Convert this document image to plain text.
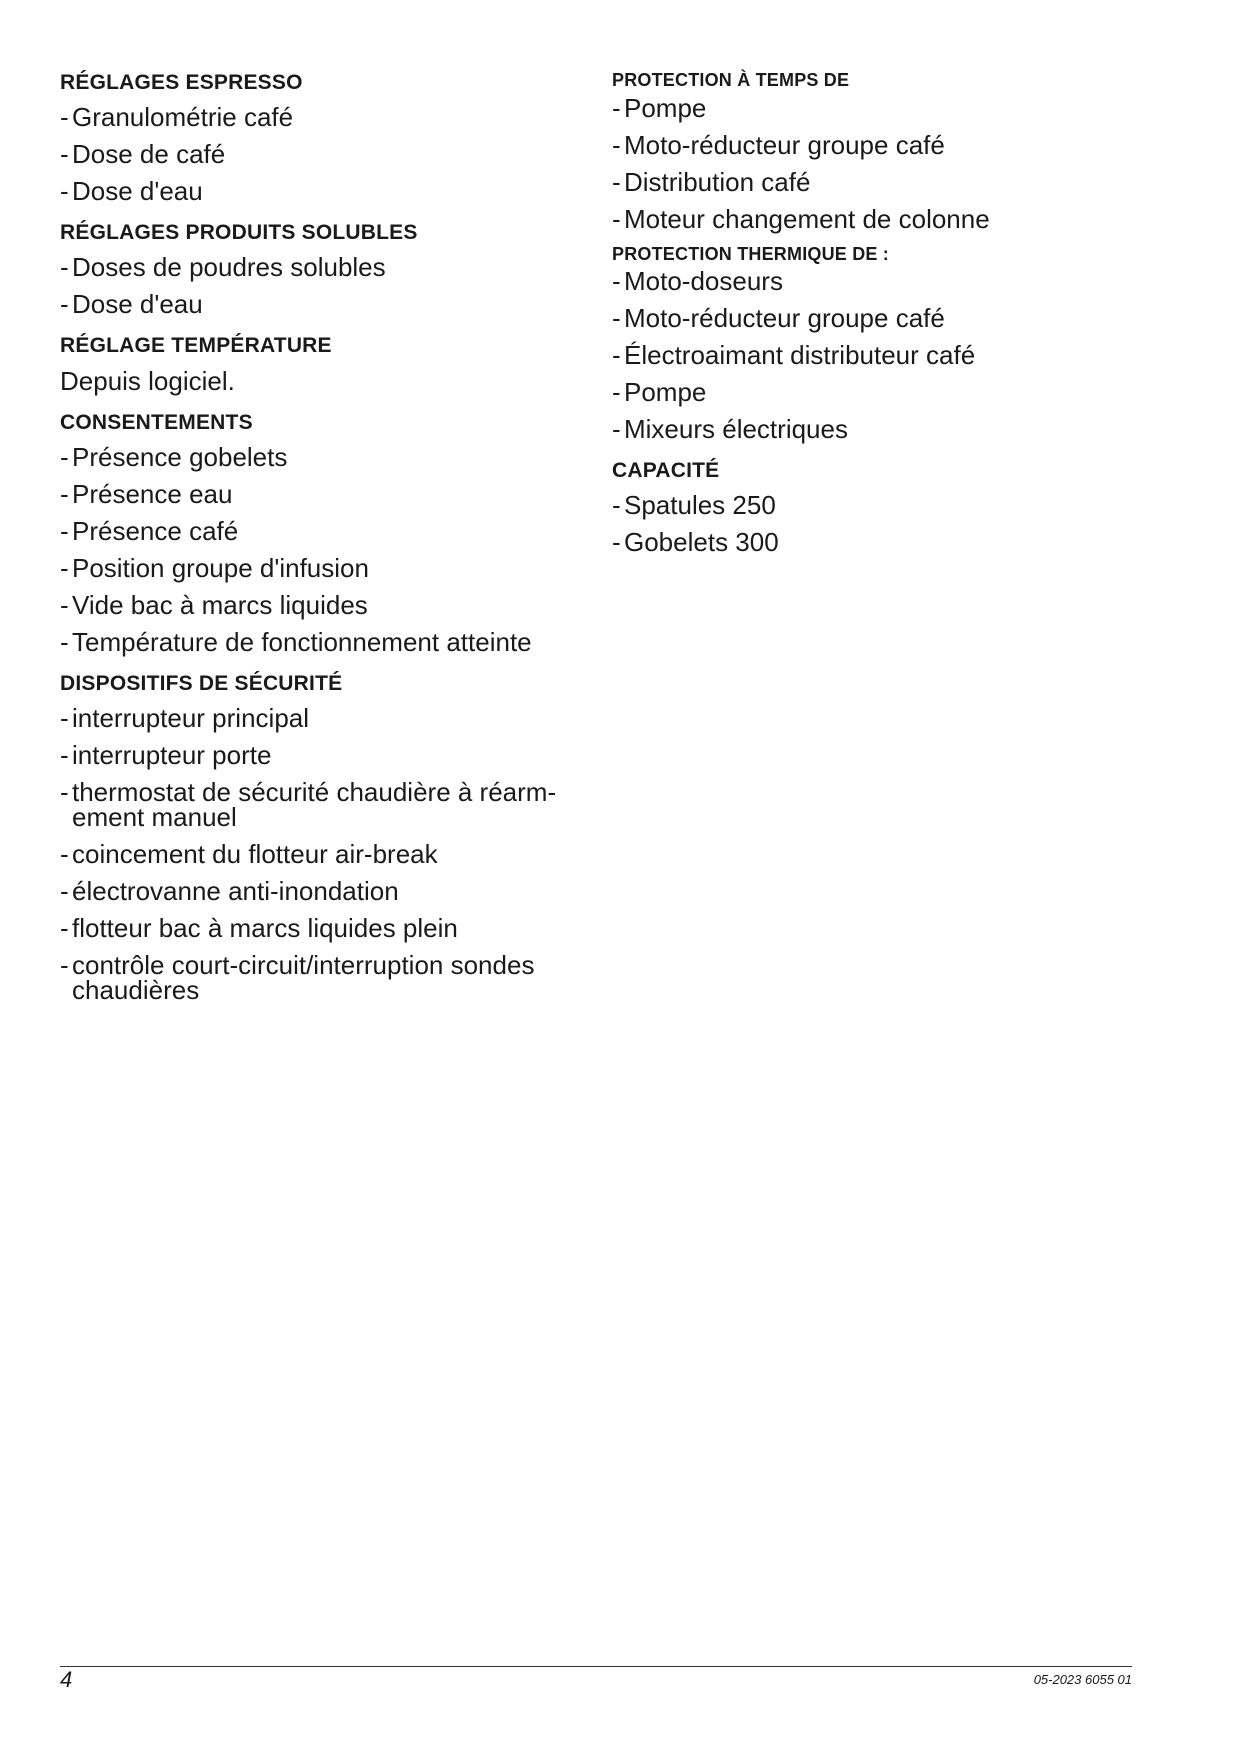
RÉGLAGES ESPRESSO
- Granulométrie café
- Dose de café
- Dose d'eau
RÉGLAGES PRODUITS SOLUBLES
- Doses de poudres solubles
- Dose d'eau
RÉGLAGE TEMPÉRATURE
Depuis logiciel.
CONSENTEMENTS
- Présence gobelets
- Présence eau
- Présence café
- Position groupe d'infusion
- Vide bac à marcs liquides
- Température de fonctionnement atteinte
DISPOSITIFS DE SÉCURITÉ
- interrupteur principal
- interrupteur porte
- thermostat de sécurité chaudière à réarm-ement manuel
- coincement du flotteur air-break
- électrovanne anti-inondation
- flotteur bac à marcs liquides plein
- contrôle court-circuit/interruption sondes chaudières
PROTECTION À TEMPS DE
- Pompe
- Moto-réducteur groupe café
- Distribution café
- Moteur changement de colonne
PROTECTION THERMIQUE DE :
- Moto-doseurs
- Moto-réducteur groupe café
- Électroaimant distributeur café
- Pompe
- Mixeurs électriques
CAPACITÉ
- Spatules 250
- Gobelets 300
4	05-2023 6055 01
